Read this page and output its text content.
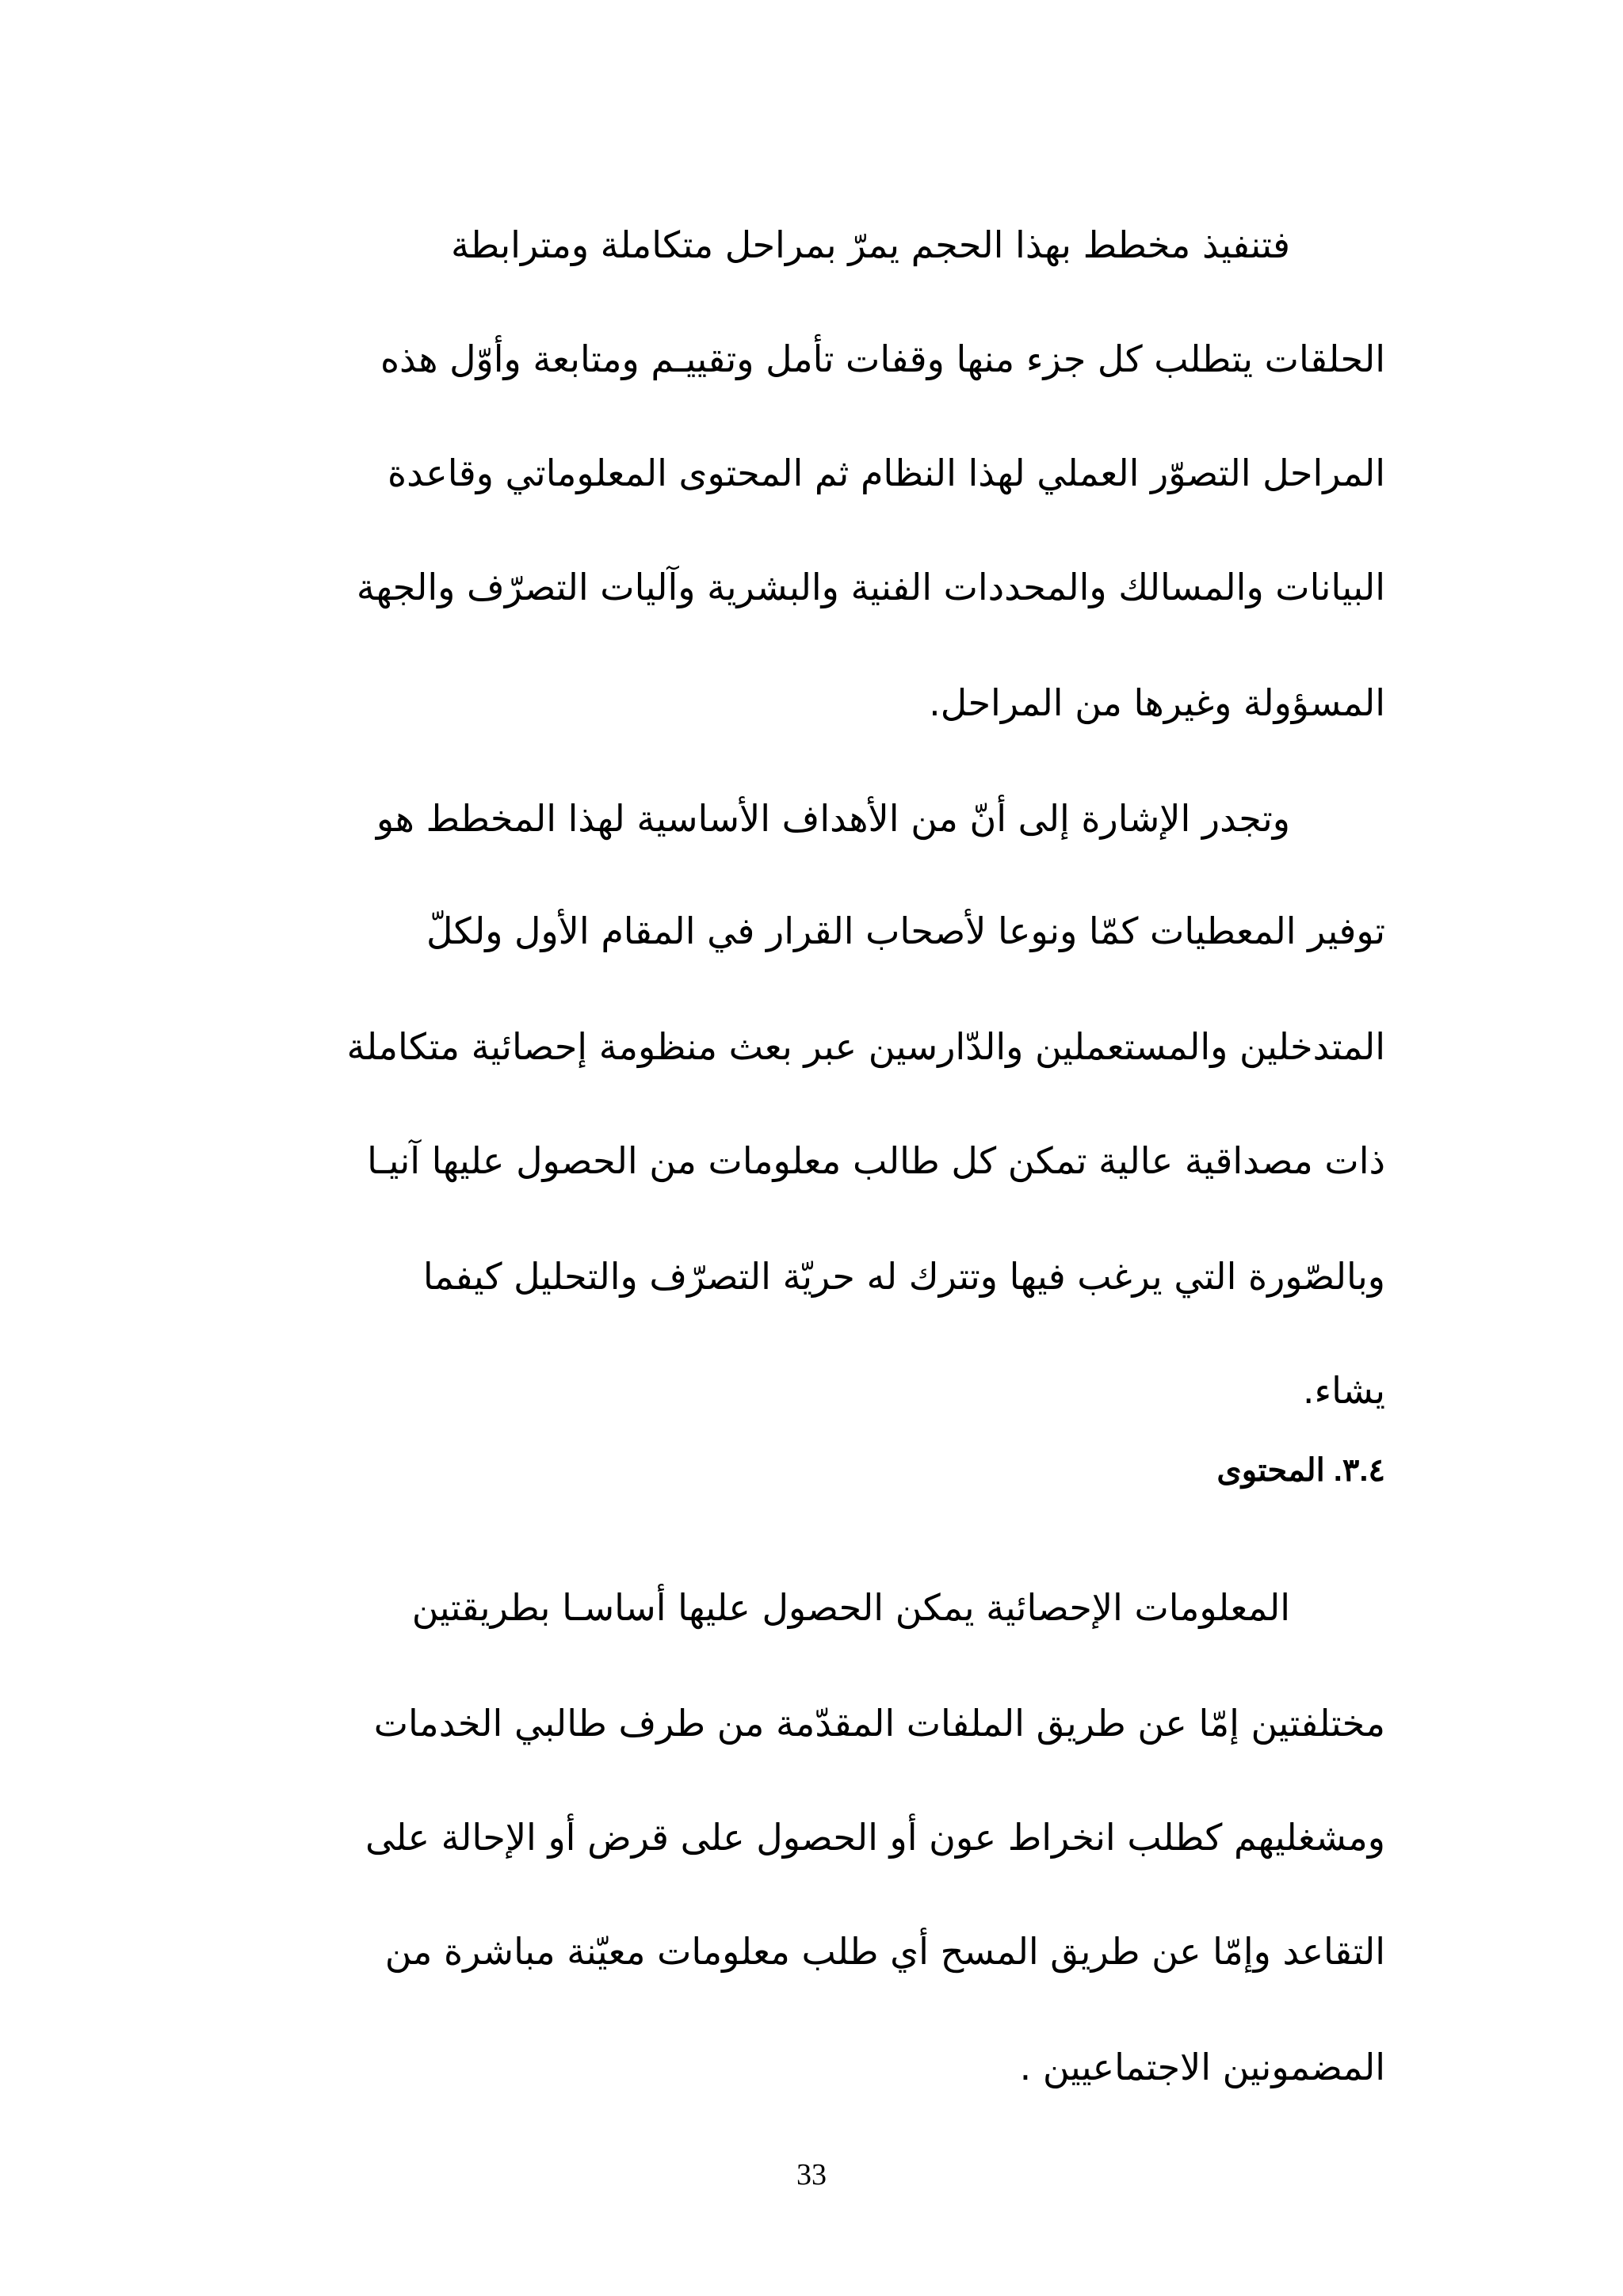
فتنفيذ مخطط بهذا الحجم يمرّ بمراحل متكاملة ومترابطة

الحلقات يتطلب كل جزء منها وقفات تأمل وتقييـم ومتابعة وأوّل هذه

المراحل التصوّر العملي لهذا النظام ثم المحتوى المعلوماتي وقاعدة

البيانات والمسالك والمحددات الفنية والبشرية وآليات التصرّف والجهة

المسؤولة وغيرها من المراحل.

وتجدر الإشارة إلى أنّ من الأهداف الأساسية لهذا المخطط هو

توفير المعطيات كمّا ونوعا لأصحاب القرار في المقام الأول ولكلّ

المتدخلين والمستعملين والدّارسين عبر بعث منظومة إحصائية متكاملة

ذات مصداقية عالية تمكن كل طالب معلومات من الحصول عليها آنيـا

وبالصّورة التي يرغب فيها وتترك له حريّة التصرّف والتحليل كيفما

يشاء.

٣.٤. المحتوى

المعلومات الإحصائية يمكن الحصول عليها أساسـا بطريقتين

مختلفتين إمّا عن طريق الملفات المقدّمة من طرف طالبي الخدمات

ومشغليهم كطلب انخراط عون أو الحصول على قرض أو الإحالة على

التقاعد وإمّا عن طريق المسح أي طلب معلومات معيّنة مباشرة من

المضمونين الاجتماعيين .

33
